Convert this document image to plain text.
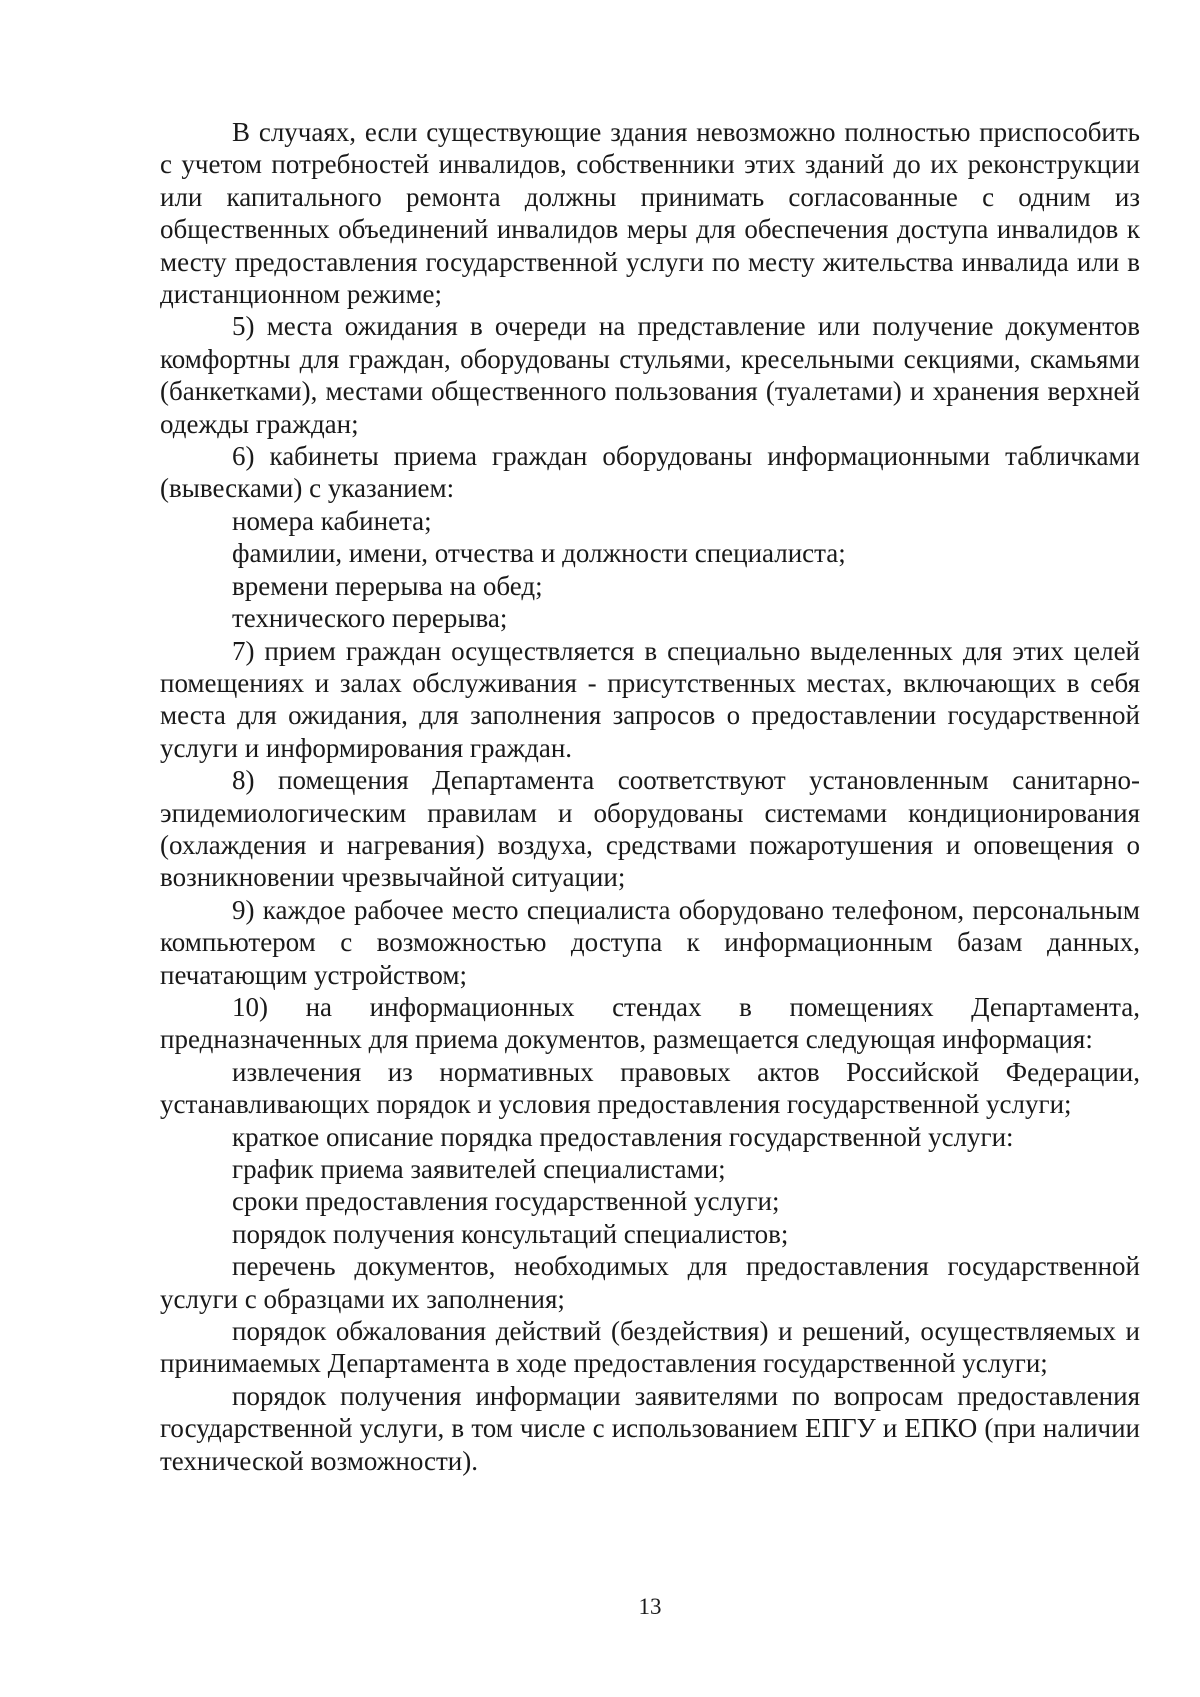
В случаях, если существующие здания невозможно полностью приспособить с учетом потребностей инвалидов, собственники этих зданий до их реконструкции или капитального ремонта должны принимать согласованные с одним из общественных объединений инвалидов меры для обеспечения доступа инвалидов к месту предоставления государственной услуги по месту жительства инвалида или в дистанционном режиме;

5) места ожидания в очереди на представление или получение документов комфортны для граждан, оборудованы стульями, кресельными секциями, скамьями (банкетками), местами общественного пользования (туалетами) и хранения верхней одежды граждан;

6) кабинеты приема граждан оборудованы информационными табличками (вывесками) с указанием:

номера кабинета;

фамилии, имени, отчества и должности специалиста;

времени перерыва на обед;

технического перерыва;

7) прием граждан осуществляется в специально выделенных для этих целей помещениях и залах обслуживания - присутственных местах, включающих в себя места для ожидания, для заполнения запросов о предоставлении государственной услуги и информирования граждан.

8) помещения Департамента соответствуют установленным санитарно-эпидемиологическим правилам и оборудованы системами кондиционирования (охлаждения и нагревания) воздуха, средствами пожаротушения и оповещения о возникновении чрезвычайной ситуации;

9) каждое рабочее место специалиста оборудовано телефоном, персональным компьютером с возможностью доступа к информационным базам данных, печатающим устройством;

10) на информационных стендах в помещениях Департамента, предназначенных для приема документов, размещается следующая информация:

извлечения из нормативных правовых актов Российской Федерации, устанавливающих порядок и условия предоставления государственной услуги;

краткое описание порядка предоставления государственной услуги:

график приема заявителей специалистами;

сроки предоставления государственной услуги;

порядок получения консультаций специалистов;

перечень документов, необходимых для предоставления государственной услуги с образцами их заполнения;

порядок обжалования действий (бездействия) и решений, осуществляемых и принимаемых Департамента в ходе предоставления государственной услуги;

порядок получения информации заявителями по вопросам предоставления государственной услуги, в том числе с использованием ЕПГУ и ЕПКО (при наличии технической возможности).

13
